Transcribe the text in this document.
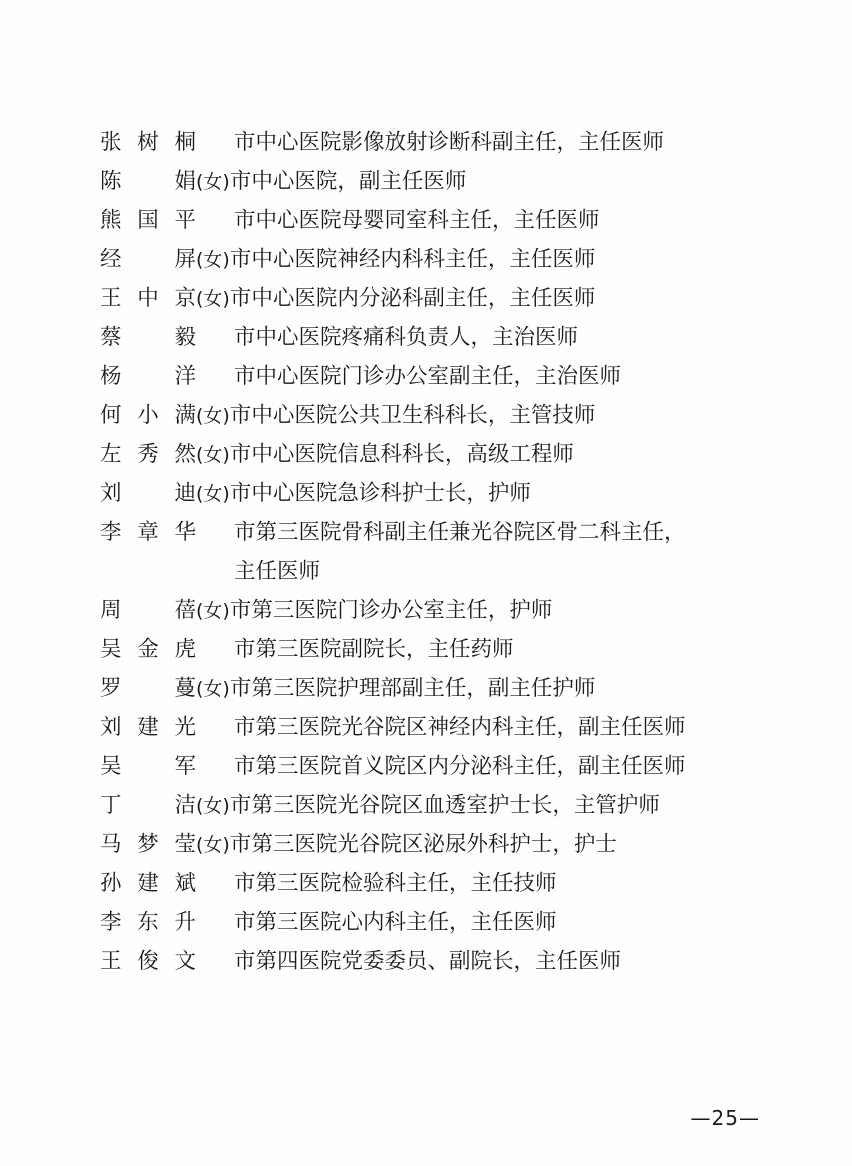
张树桐 市中心医院影像放射诊断科副主任，主任医师
陈　娟 (女) 市中心医院，副主任医师
熊国平 市中心医院母婴同室科主任，主任医师
经　屏 (女) 市中心医院神经内科科主任，主任医师
王中京 (女) 市中心医院内分泌科副主任，主任医师
蔡　毅 市中心医院疼痛科负责人，主治医师
杨　洋 市中心医院门诊办公室副主任，主治医师
何小满 (女) 市中心医院公共卫生科科长，主管技师
左秀然 (女) 市中心医院信息科科长，高级工程师
刘　迪 (女) 市中心医院急诊科护士长，护师
李章华 市第三医院骨科副主任兼光谷院区骨二科主任，
主任医师
周　蓓 (女) 市第三医院门诊办公室主任，护师
吴金虎 市第三医院副院长，主任药师
罗　蔓 (女) 市第三医院护理部副主任，副主任护师
刘建光 市第三医院光谷院区神经内科主任，副主任医师
吴　军 市第三医院首义院区内分泌科主任，副主任医师
丁　洁 (女) 市第三医院光谷院区血透室护士长，主管护师
马梦莹 (女) 市第三医院光谷院区泌尿外科护士，护士
孙建斌 市第三医院检验科主任，主任技师
李东升 市第三医院心内科主任，主任医师
王俊文 市第四医院党委委员、副院长，主任医师
—25—
